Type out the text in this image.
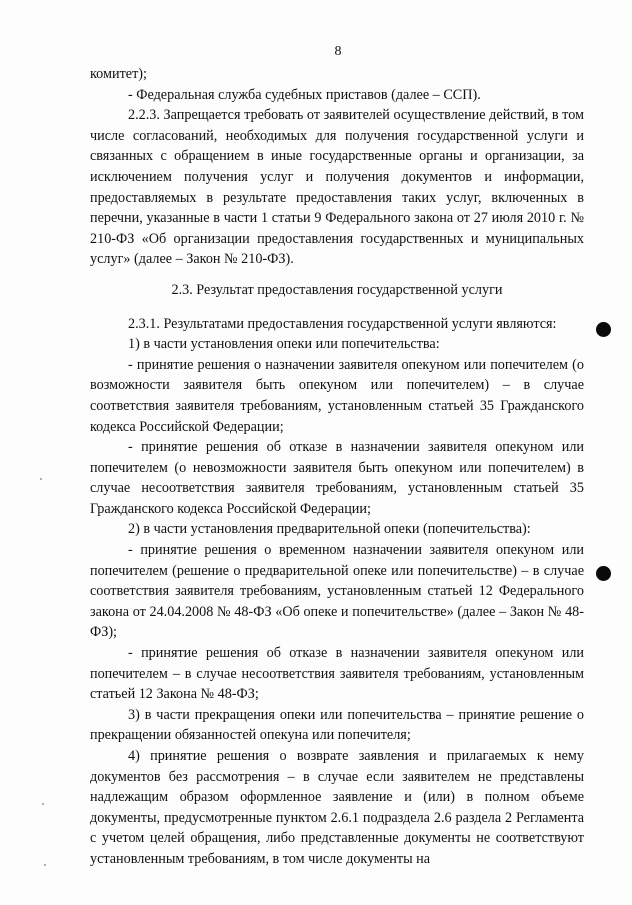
8

комитет);

- Федеральная служба судебных приставов (далее – ССП).

2.2.3. Запрещается требовать от заявителей осуществление действий, в том числе согласований, необходимых для получения государственной услуги и связанных с обращением в иные государственные органы и организации, за исключением получения услуг и получения документов и информации, предоставляемых в результате предоставления таких услуг, включенных в перечни, указанные в части 1 статьи 9 Федерального закона от 27 июля 2010 г. № 210-ФЗ «Об организации предоставления государственных и муниципальных услуг» (далее – Закон № 210-ФЗ).

2.3. Результат предоставления государственной услуги

2.3.1. Результатами предоставления государственной услуги являются:

1) в части установления опеки или попечительства:

- принятие решения о назначении заявителя опекуном или попечителем (о возможности заявителя быть опекуном или попечителем) – в случае соответствия заявителя требованиям, установленным статьей 35 Гражданского кодекса Российской Федерации;

- принятие решения об отказе в назначении заявителя опекуном или попечителем (о невозможности заявителя быть опекуном или попечителем) в случае несоответствия заявителя требованиям, установленным статьей 35 Гражданского кодекса Российской Федерации;

2) в части установления предварительной опеки (попечительства):

- принятие решения о временном назначении заявителя опекуном или попечителем (решение о предварительной опеке или попечительстве) – в случае соответствия заявителя требованиям, установленным статьей 12 Федерального закона от 24.04.2008 № 48-ФЗ «Об опеке и попечительстве» (далее – Закон № 48-ФЗ);

- принятие решения об отказе в назначении заявителя опекуном или попечителем – в случае несоответствия заявителя требованиям, установленным статьей 12 Закона № 48-ФЗ;

3) в части прекращения опеки или попечительства – принятие решение о прекращении обязанностей опекуна или попечителя;

4) принятие решения о возврате заявления и прилагаемых к нему документов без рассмотрения – в случае если заявителем не представлены надлежащим образом оформленное заявление и (или) в полном объеме документы, предусмотренные пунктом 2.6.1 подраздела 2.6 раздела 2 Регламента с учетом целей обращения, либо представленные документы не соответствуют установленным требованиям, в том числе документы на
